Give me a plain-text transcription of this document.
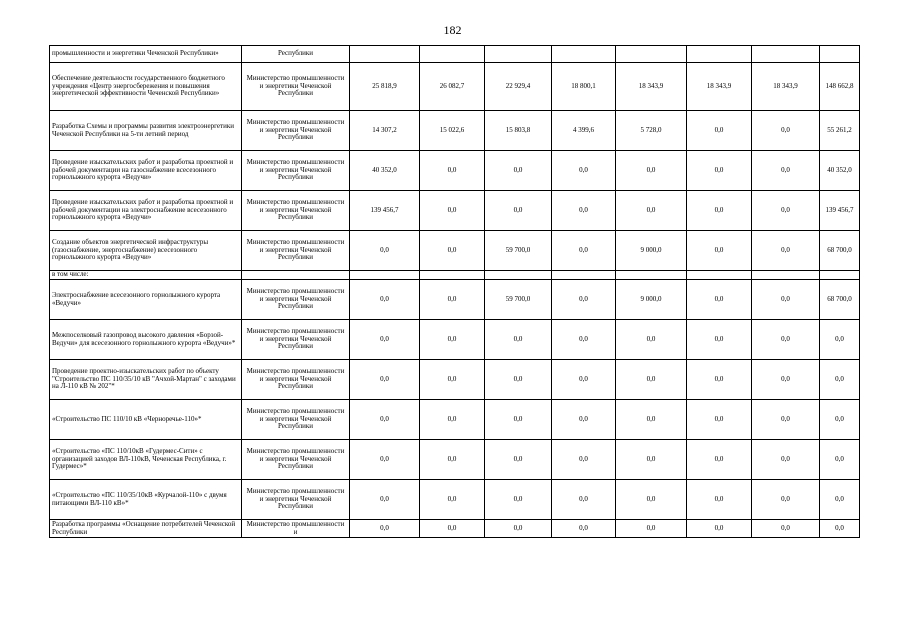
182
промышленности и энергетики Чеченской Республики»	Республики								
Обеспечение деятельности государственного бюджетного учреждения «Центр энергосбережения и повышения энергетической эффективности Чеченской Республики»	Министерство промышленности и энергетики Чеченской Республики	25 818,9	26 082,7	22 929,4	18 800,1	18 343,9	18 343,9	18 343,9	148 662,8
Разработка Схемы и программы развития электроэнергетики Чеченской Республики на 5-ти летний период	Министерство промышленности и энергетики Чеченской Республики	14 307,2	15 022,6	15 803,8	4 399,6	5 728,0	0,0	0,0	55 261,2
Проведение изыскательских работ и разработка проектной и рабочей документации на газоснабжение всесезонного горнолыжного курорта «Ведучи»	Министерство промышленности и энергетики Чеченской Республики	40 352,0	0,0	0,0	0,0	0,0	0,0	0,0	40 352,0
Проведение изыскательских работ и разработка проектной и рабочей документации на электроснабжение всесезонного горнолыжного курорта «Ведучи»	Министерство промышленности и энергетики Чеченской Республики	139 456,7	0,0	0,0	0,0	0,0	0,0	0,0	139 456,7
Создание объектов энергетической инфраструктуры (газоснабжение, энергоснабжение) всесезонного горнолыжного курорта «Ведучи»	Министерство промышленности и энергетики Чеченской Республики	0,0	0,0	59 700,0	0,0	9 000,0	0,0	0,0	68 700,0
в том числе:									
Электроснабжение всесезонного горнолыжного курорта «Ведучи»	Министерство промышленности и энергетики Чеченской Республики	0,0	0,0	59 700,0	0,0	9 000,0	0,0	0,0	68 700,0
Межпоселковый газопровод высокого давления «Борзой-Ведучи» для всесезонного горнолыжного курорта «Ведучи»*	Министерство промышленности и энергетики Чеченской Республики	0,0	0,0	0,0	0,0	0,0	0,0	0,0	0,0
Проведение проектно-изыскательских работ по объекту "Строительство ПС 110/35/10 кВ "Ачхой-Мартан" с заходами на Л-110 кВ № 202"*	Министерство промышленности и энергетики Чеченской Республики	0,0	0,0	0,0	0,0	0,0	0,0	0,0	0,0
«Строительство ПС 110/10 кВ «Черноречье-110»*	Министерство промышленности и энергетики Чеченской Республики	0,0	0,0	0,0	0,0	0,0	0,0	0,0	0,0
«Строительство «ПС 110/10кВ «Гудермес-Сити» с организацией заходов ВЛ-110кВ, Чеченская Республика, г. Гудермес»*	Министерство промышленности и энергетики Чеченской Республики	0,0	0,0	0,0	0,0	0,0	0,0	0,0	0,0
«Строительство «ПС 110/35/10кВ «Курчалой-110» с двумя питающими ВЛ-110 кВ»*	Министерство промышленности и энергетики Чеченской Республики	0,0	0,0	0,0	0,0	0,0	0,0	0,0	0,0
Разработка программы «Оснащение потребителей Чеченской Республики	Министерство промышленности и	0,0	0,0	0,0	0,0	0,0	0,0	0,0	0,0
